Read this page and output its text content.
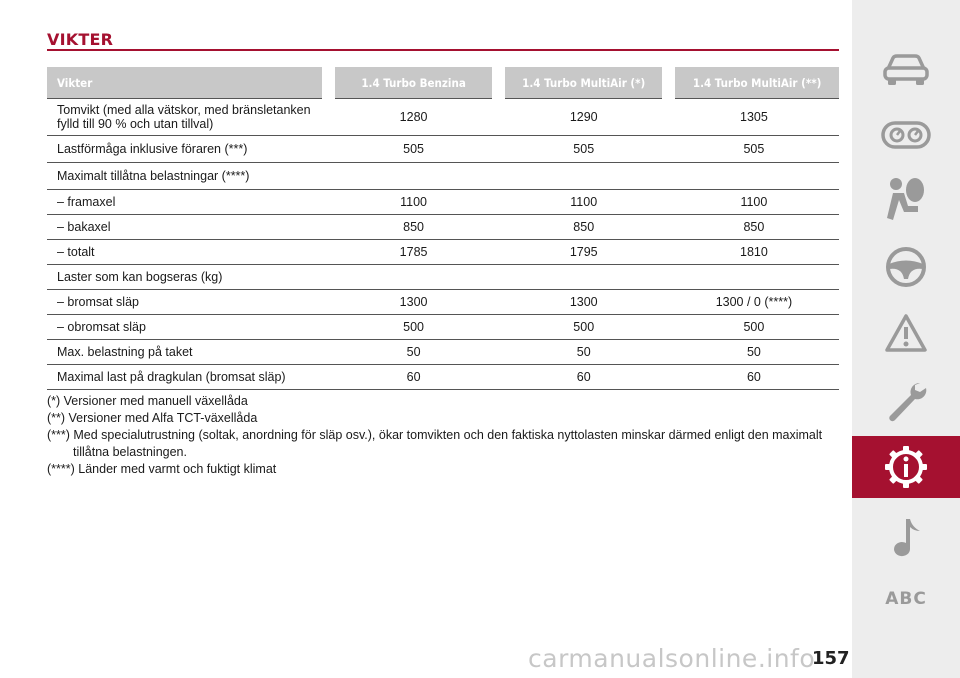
VIKTER
Vikter	1.4 Turbo Benzina	1.4 Turbo MultiAir (*)	1.4 Turbo MultiAir (**)
Tomvikt (med alla vätskor, med bränsletanken
fylld till 90 % och utan tillval)	1280	1290	1305
Lastförmåga inklusive föraren (***)	505	505	505
Maximalt tillåtna belastningar (****)			
– framaxel	1100	1100	1100
– bakaxel	850	850	850
– totalt	1785	1795	1810
Laster som kan bogseras (kg)			
– bromsat släp	1300	1300	1300 / 0 (****)
– obromsat släp	500	500	500
Max. belastning på taket	50	50	50
Maximal last på dragkulan (bromsat släp)	60	60	60
(*) Versioner med manuell växellåda
(**) Versioner med Alfa TCT-växellåda
(***) Med specialutrustning (soltak, anordning för släp osv.), ökar tomvikten och den faktiska nyttolasten minskar därmed enligt den maximalt tillåtna belastningen.
(****) Länder med varmt och fuktigt klimat
ABC
carmanualsonline.info
157
